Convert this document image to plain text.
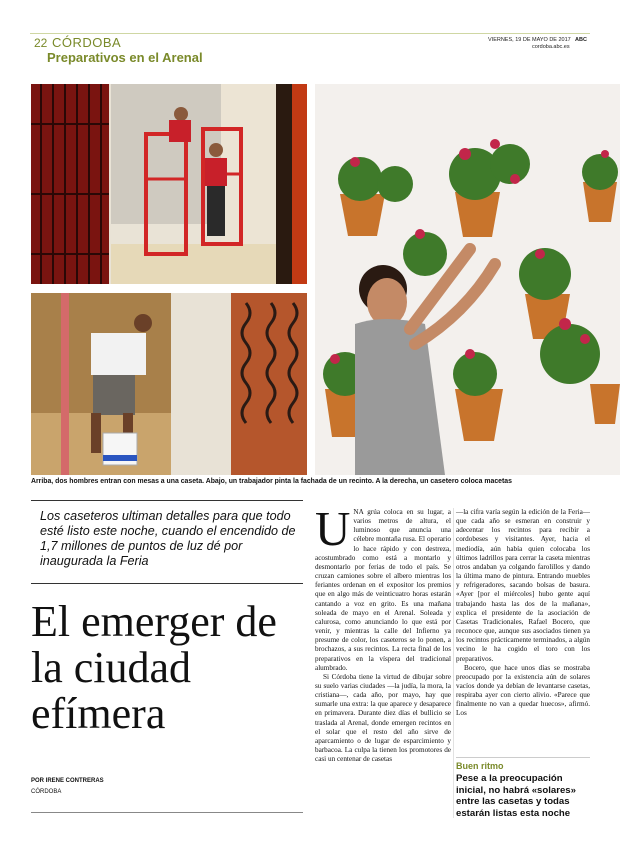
22 CÓRDOBA
Preparativos en el Arenal
VIERNES, 19 DE MAYO DE 2017 ABC
cordoba.abc.es
Arriba, dos hombres entran con mesas a una caseta. Abajo, un trabajador pinta la fachada de un recinto. A la derecha, un casetero coloca macetas
Los caseteros ultiman detalles para que todo esté listo este noche, cuando el encendido de 1,7 millones de puntos de luz dé por inaugurada la Feria
El emerger de la ciudad efímera
POR IRENE CONTRERAS
CÓRDOBA
U NA grúa coloca en su lugar, a varios metros de altura, el luminoso que anuncia una célebre montaña rusa. El operario lo hace rápido y con destreza, acostumbrado como está a montarlo y desmontarlo por ferias de todo el país. Se cruzan camiones sobre el albero mientras los feriantes ordenan en el expositor los premios que en algo más de veinticuatro horas estarán cantando a voz en grito. Es una mañana soleada de mayo en el Arenal. Soleada y calurosa, como anunciando lo que está por venir, y mientras la calle del Infierno ya presume de color, los caseteros se lo ponen, a brochazos, a sus recintos. La recta final de los preparativos en la víspera del tradicional alumbrado.

Si Córdoba tiene la virtud de dibujar sobre su suelo varias ciudades —la judía, la mora, la cristiana—, cada año, por mayo, hay que sumarle una extra: la que aparece y desaparece en primavera. Durante diez días el bullicio se traslada al Arenal, donde emergen recintos en el solar que el resto del año sirve de aparcamiento o de lugar de esparcimiento y barbacoa. La culpa la tienen los promotores de casi un centenar de casetas

—la cifra varía según la edición de la Feria— que cada año se esmeran en construir y adecentar los recintos para recibir a cordobeses y visitantes. Ayer, hacia el mediodía, aún había quien colocaba los últimos ladrillos para cerrar la caseta mientras otros andaban ya colgando farolillos y dando la última mano de pintura. Entrando muebles y refrigeradores, sacando bolsas de basura. «Ayer [por el miércoles] hubo gente aquí trabajando hasta las dos de la mañana», explica el presidente de la asociación de Casetas Tradicionales, Rafael Bocero, que reconoce que, aunque sus asociados tienen ya los recintos prácticamente terminados, a algún vecino le ha cogido el toro con los preparativos.

Bocero, que hace unos días se mostraba preocupado por la existencia aún de solares vacíos donde ya debían de levantarse casetas, respiraba ayer con cierto alivio. «Parece que finalmente no van a quedar huecos», afirmó. Los

Buen ritmo
Pese a la preocupación inicial, no habrá «solares» entre las casetas y todas estarán listas esta noche
